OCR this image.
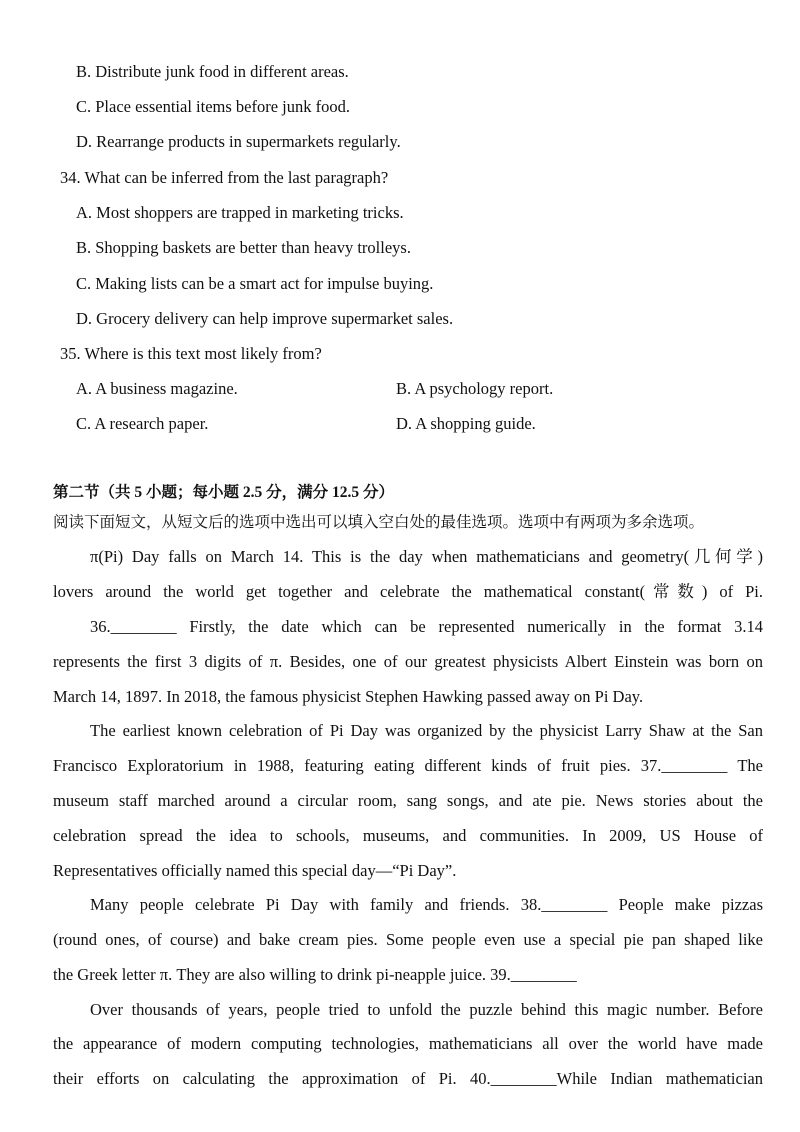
B. Distribute junk food in different areas.
C. Place essential items before junk food.
D. Rearrange products in supermarkets regularly.
34. What can be inferred from the last paragraph?
A. Most shoppers are trapped in marketing tricks.
B. Shopping baskets are better than heavy trolleys.
C. Making lists can be a smart act for impulse buying.
D. Grocery delivery can help improve supermarket sales.
35. Where is this text most likely from?
A. A business magazine.	B. A psychology report.
C. A research paper.	D. A shopping guide.
第二节（共 5 小题；每小题 2.5 分，满分 12.5 分）
阅读下面短文，从短文后的选项中选出可以填入空白处的最佳选项。选项中有两项为多余选项。
π(Pi) Day falls on March 14. This is the day when mathematicians and geometry(几何学)
lovers around the world get together and celebrate the mathematical constant(常数) of Pi.
36.________ Firstly, the date which can be represented numerically in the format 3.14
represents the first 3 digits of π. Besides, one of our greatest physicists Albert Einstein was born on
March 14, 1897. In 2018, the famous physicist Stephen Hawking passed away on Pi Day.
The earliest known celebration of Pi Day was organized by the physicist Larry Shaw at the San
Francisco Exploratorium in 1988, featuring eating different kinds of fruit pies. 37.________ The
museum staff marched around a circular room, sang songs, and ate pie. News stories about the
celebration spread the idea to schools, museums, and communities. In 2009, US House of
Representatives officially named this special day—“Pi Day”.
Many people celebrate Pi Day with family and friends. 38.________ People make pizzas
(round ones, of course) and bake cream pies. Some people even use a special pie pan shaped like
the Greek letter π. They are also willing to drink pi-neapple juice. 39.________
Over thousands of years, people tried to unfold the puzzle behind this magic number. Before
the appearance of modern computing technologies, mathematicians all over the world have made
their efforts on calculating the approximation of Pi. 40.________While Indian mathematician
